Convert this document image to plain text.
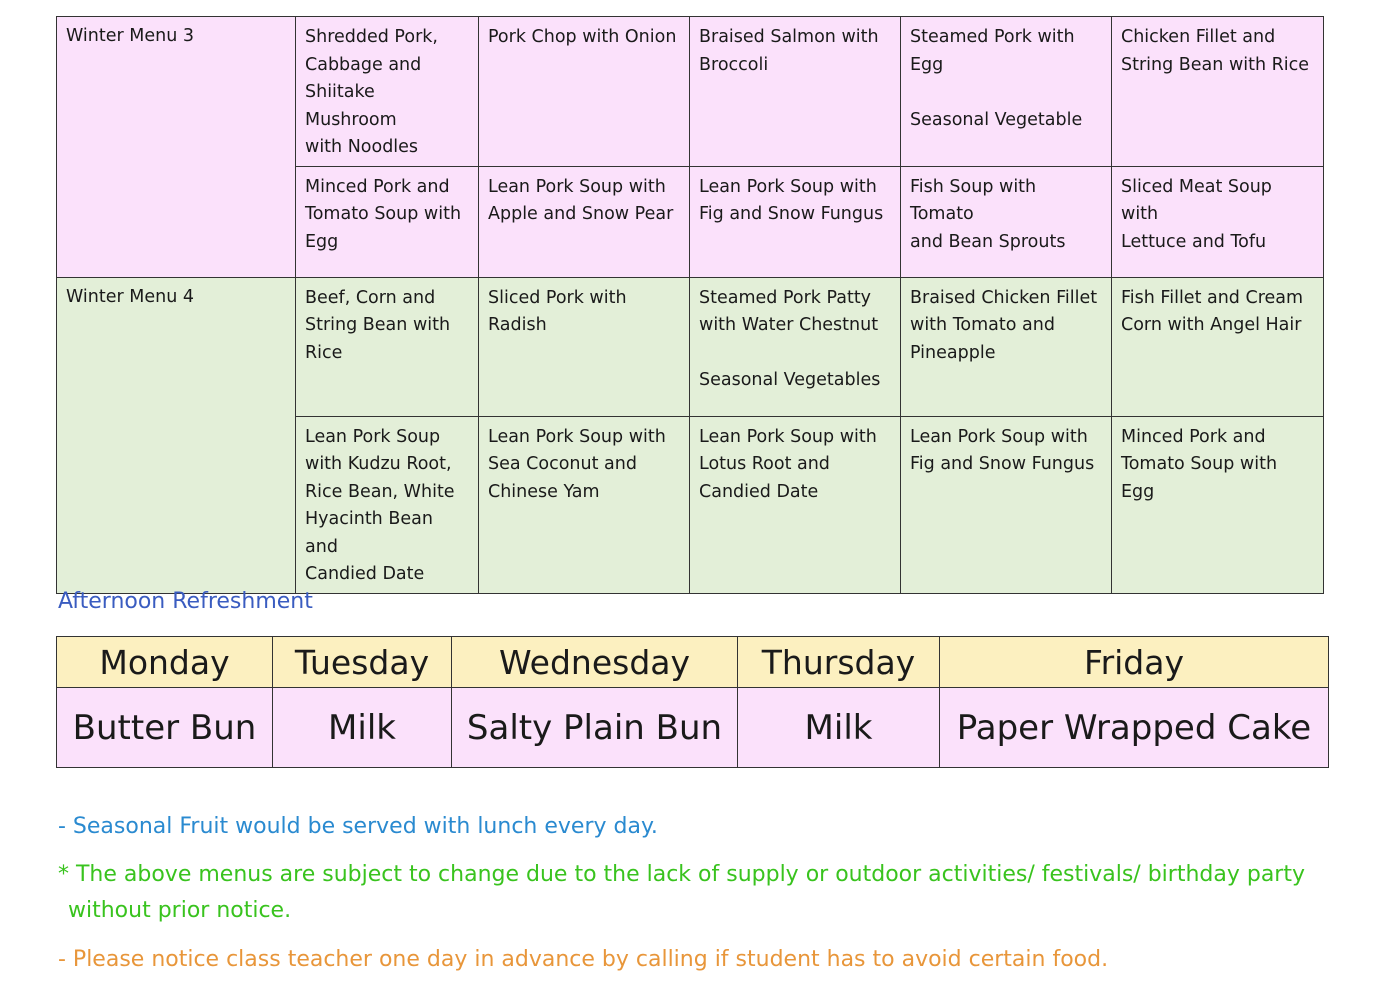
Winter Menu 3	Shredded Pork,
Cabbage and
Shiitake Mushroom
with Noodles	Pork Chop with Onion	Braised Salmon with
Broccoli	Steamed Pork with
Egg

Seasonal Vegetable	Chicken Fillet and
String Bean with Rice
	Minced Pork and
Tomato Soup with
Egg	Lean Pork Soup with
Apple and Snow Pear	Lean Pork Soup with
Fig and Snow Fungus	Fish Soup with Tomato
and Bean Sprouts	Sliced Meat Soup with
Lettuce and Tofu
Winter Menu 4	Beef, Corn and
String Bean with
Rice	Sliced Pork with
Radish	Steamed Pork Patty
with Water Chestnut

Seasonal Vegetables	Braised Chicken Fillet
with Tomato and
Pineapple	Fish Fillet and Cream
Corn with Angel Hair
	Lean Pork Soup
with Kudzu Root,
Rice Bean, White
Hyacinth Bean and
Candied Date	Lean Pork Soup with
Sea Coconut and
Chinese Yam	Lean Pork Soup with
Lotus Root and
Candied Date	Lean Pork Soup with
Fig and Snow Fungus	Minced Pork and
Tomato Soup with Egg
Afternoon Refreshment
Monday	Tuesday	Wednesday	Thursday	Friday
Butter Bun	Milk	Salty Plain Bun	Milk	Paper Wrapped Cake
- Seasonal Fruit would be served with lunch every day.
* The above menus are subject to change due to the lack of supply or outdoor activities/ festivals/ birthday party
without prior notice.
- Please notice class teacher one day in advance by calling if student has to avoid certain food.
